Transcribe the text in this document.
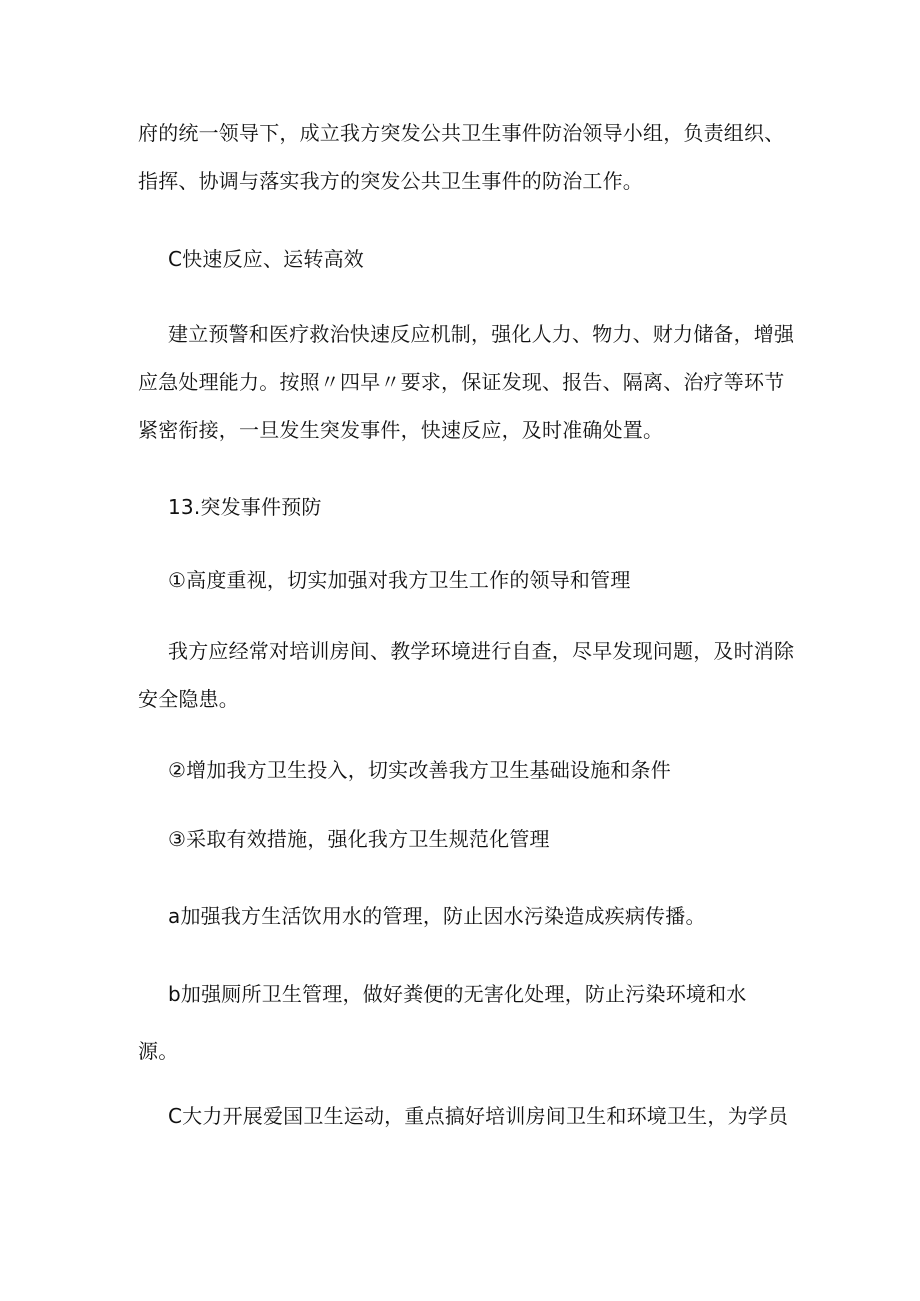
府的统一领导下，成立我方突发公共卫生事件防治领导小组，负责组织、
指挥、协调与落实我方的突发公共卫生事件的防治工作。
C快速反应、运转高效
建立预警和医疗救治快速反应机制，强化人力、物力、财力储备，增强
应急处理能力。按照〃四早〃要求，保证发现、报告、隔离、治疗等环节
紧密衔接，一旦发生突发事件，快速反应，及时准确处置。
13.突发事件预防
①高度重视，切实加强对我方卫生工作的领导和管理
我方应经常对培训房间、教学环境进行自查，尽早发现问题，及时消除
安全隐患。
②增加我方卫生投入，切实改善我方卫生基础设施和条件
③采取有效措施，强化我方卫生规范化管理
a加强我方生活饮用水的管理，防止因水污染造成疾病传播。
b加强厕所卫生管理，做好粪便的无害化处理，防止污染环境和水
源。
C大力开展爱国卫生运动，重点搞好培训房间卫生和环境卫生，为学员
